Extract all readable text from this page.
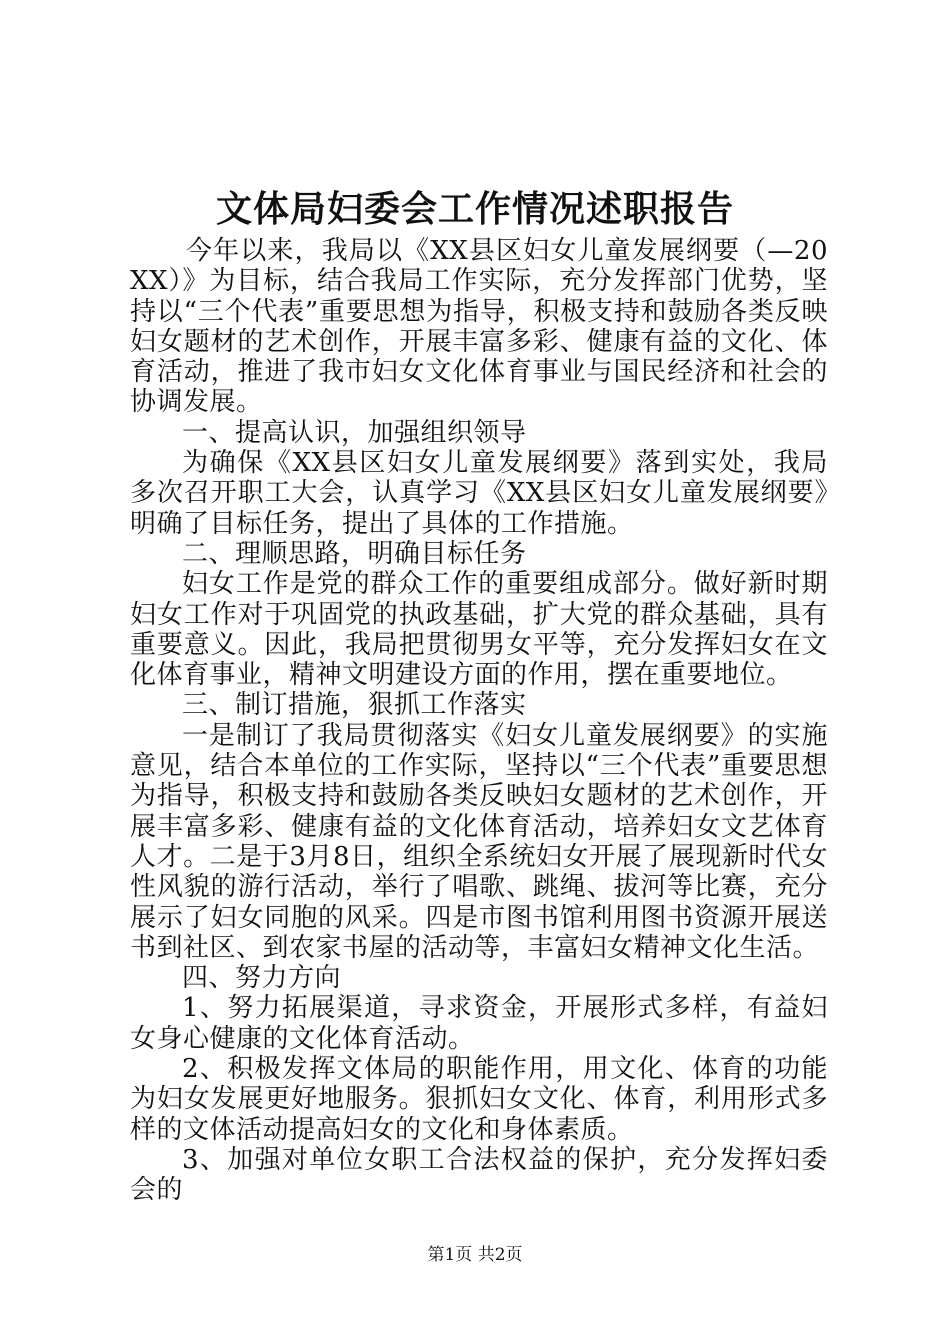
文体局妇委会工作情况述职报告

今年以来，我局以《XX县区妇女儿童发展纲要（—20XX）》为目标，结合我局工作实际，充分发挥部门优势，坚持以“三个代表”重要思想为指导，积极支持和鼓励各类反映妇女题材的艺术创作，开展丰富多彩、健康有益的文化、体育活动，推进了我市妇女文化体育事业与国民经济和社会的协调发展。

一、提高认识，加强组织领导

为确保《XX县区妇女儿童发展纲要》落到实处，我局多次召开职工大会，认真学习《XX县区妇女儿童发展纲要》明确了目标任务，提出了具体的工作措施。

二、理顺思路，明确目标任务

妇女工作是党的群众工作的重要组成部分。做好新时期妇女工作对于巩固党的执政基础，扩大党的群众基础，具有重要意义。因此，我局把贯彻男女平等，充分发挥妇女在文化体育事业，精神文明建设方面的作用，摆在重要地位。

三、制订措施，狠抓工作落实

一是制订了我局贯彻落实《妇女儿童发展纲要》的实施意见，结合本单位的工作实际，坚持以“三个代表”重要思想为指导，积极支持和鼓励各类反映妇女题材的艺术创作，开展丰富多彩、健康有益的文化体育活动，培养妇女文艺体育人才。二是于3月8日，组织全系统妇女开展了展现新时代女性风貌的游行活动，举行了唱歌、跳绳、拔河等比赛，充分展示了妇女同胞的风采。四是市图书馆利用图书资源开展送书到社区、到农家书屋的活动等，丰富妇女精神文化生活。

四、努力方向

1、努力拓展渠道，寻求资金，开展形式多样，有益妇女身心健康的文化体育活动。

2、积极发挥文体局的职能作用，用文化、体育的功能为妇女发展更好地服务。狠抓妇女文化、体育，利用形式多样的文体活动提高妇女的文化和身体素质。

3、加强对单位女职工合法权益的保护，充分发挥妇委会的

第1页 共2页
